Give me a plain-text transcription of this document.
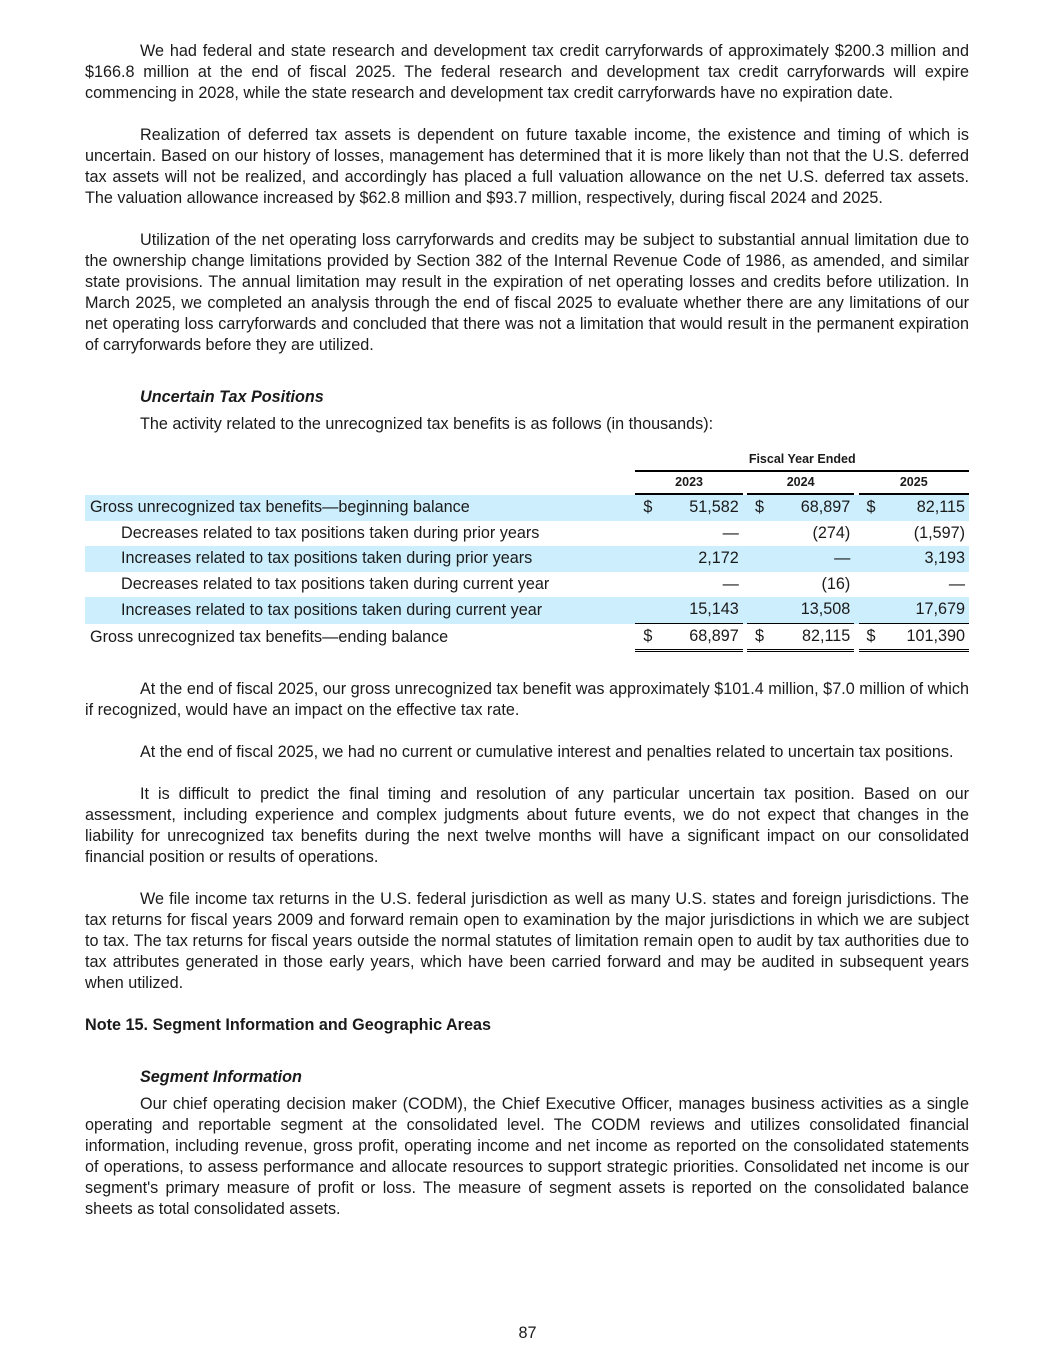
We had federal and state research and development tax credit carryforwards of approximately $200.3 million and $166.8 million at the end of fiscal 2025. The federal research and development tax credit carryforwards will expire commencing in 2028, while the state research and development tax credit carryforwards have no expiration date.

Realization of deferred tax assets is dependent on future taxable income, the existence and timing of which is uncertain. Based on our history of losses, management has determined that it is more likely than not that the U.S. deferred tax assets will not be realized, and accordingly has placed a full valuation allowance on the net U.S. deferred tax assets. The valuation allowance increased by $62.8 million and $93.7 million, respectively, during fiscal 2024 and 2025.

Utilization of the net operating loss carryforwards and credits may be subject to substantial annual limitation due to the ownership change limitations provided by Section 382 of the Internal Revenue Code of 1986, as amended, and similar state provisions. The annual limitation may result in the expiration of net operating losses and credits before utilization. In March 2025, we completed an analysis through the end of fiscal 2025 to evaluate whether there are any limitations of our net operating loss carryforwards and concluded that there was not a limitation that would result in the permanent expiration of carryforwards before they are utilized.

Uncertain Tax Positions
The activity related to the unrecognized tax benefits is as follows (in thousands):
	Fiscal Year Ended							
	2023			2024			2025	
Gross unrecognized tax benefits—beginning balance	$	51,582		$	68,897		$	82,115
Decreases related to tax positions taken during prior years		—			(274)			(1,597)
Increases related to tax positions taken during prior years		2,172			—			3,193
Decreases related to tax positions taken during current year		—			(16)			—
Increases related to tax positions taken during current year		15,143			13,508			17,679
Gross unrecognized tax benefits—ending balance	$	68,897		$	82,115		$	101,390

At the end of fiscal 2025, our gross unrecognized tax benefit was approximately $101.4 million, $7.0 million of which if recognized, would have an impact on the effective tax rate.

At the end of fiscal 2025, we had no current or cumulative interest and penalties related to uncertain tax positions.

It is difficult to predict the final timing and resolution of any particular uncertain tax position. Based on our assessment, including experience and complex judgments about future events, we do not expect that changes in the liability for unrecognized tax benefits during the next twelve months will have a significant impact on our consolidated financial position or results of operations.

We file income tax returns in the U.S. federal jurisdiction as well as many U.S. states and foreign jurisdictions. The tax returns for fiscal years 2009 and forward remain open to examination by the major jurisdictions in which we are subject to tax. The tax returns for fiscal years outside the normal statutes of limitation remain open to audit by tax authorities due to tax attributes generated in those early years, which have been carried forward and may be audited in subsequent years when utilized.

Note 15. Segment Information and Geographic Areas
Segment Information

Our chief operating decision maker (CODM), the Chief Executive Officer, manages business activities as a single operating and reportable segment at the consolidated level. The CODM reviews and utilizes consolidated financial information, including revenue, gross profit, operating income and net income as reported on the consolidated statements of operations, to assess performance and allocate resources to support strategic priorities. Consolidated net income is our segment's primary measure of profit or loss. The measure of segment assets is reported on the consolidated balance sheets as total consolidated assets.

87
